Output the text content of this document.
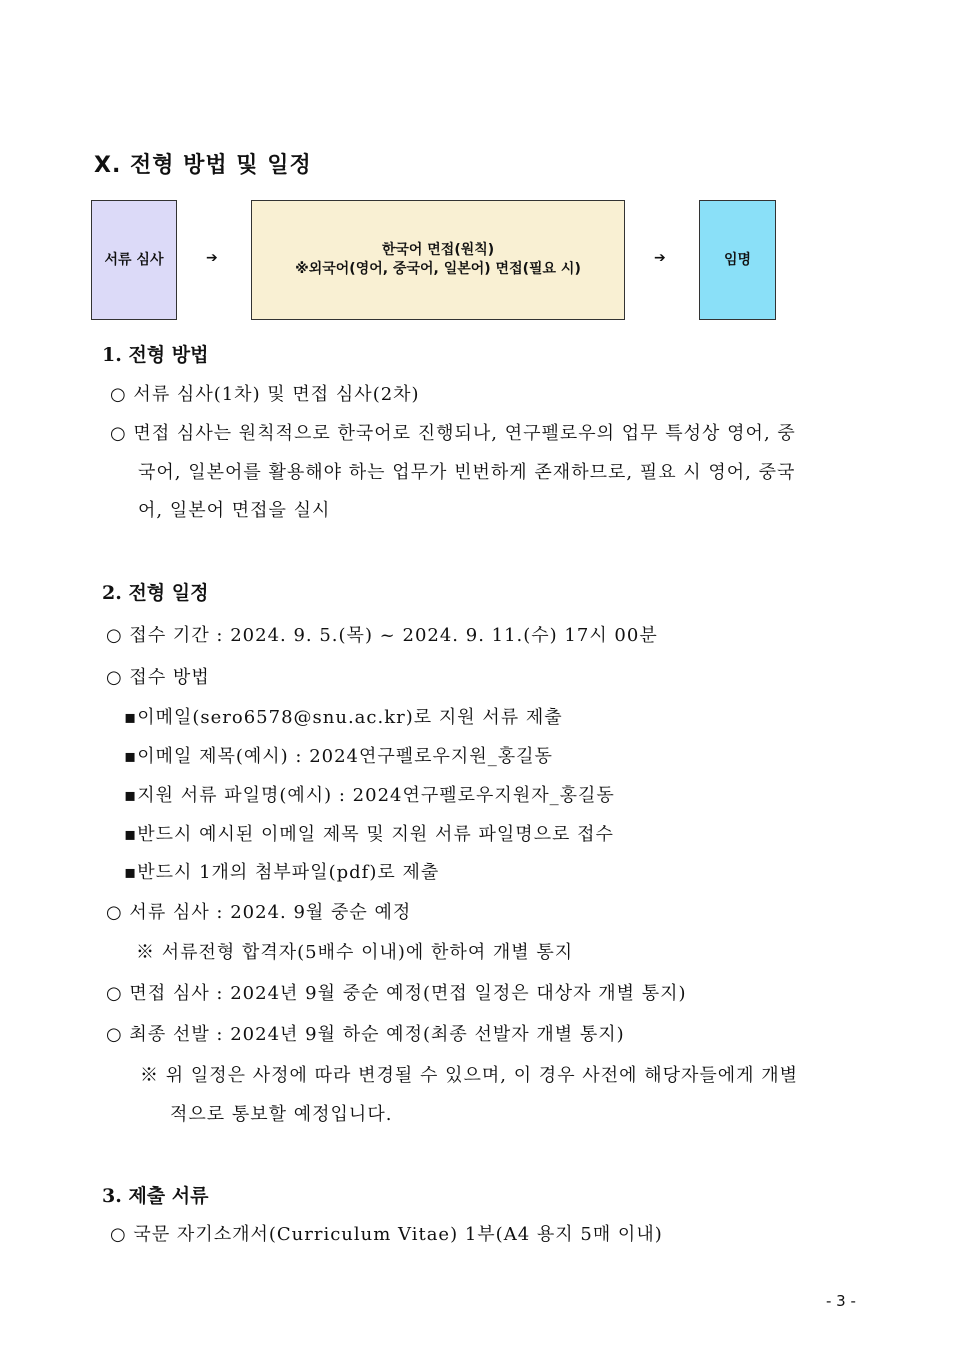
X. 전형 방법 및 일정
서류 심사	➔	한국어 면접(원칙)
※외국어(영어, 중국어, 일본어) 면접(필요 시)
➔	임명
1. 전형 방법
○ 서류 심사(1차) 및 면접 심사(2차)
○ 면접 심사는 원칙적으로 한국어로 진행되나, 연구펠로우의 업무 특성상 영어, 중
국어, 일본어를 활용해야 하는 업무가 빈번하게 존재하므로, 필요 시 영어, 중국
어, 일본어 면접을 실시
2. 전형 일정
○ 접수 기간 : 2024. 9. 5.(목) ~ 2024. 9. 11.(수) 17시 00분
○ 접수 방법
▪이메일(sero6578@snu.ac.kr)로 지원 서류 제출
▪이메일 제목(예시) : 2024연구펠로우지원_홍길동
▪지원 서류 파일명(예시) : 2024연구펠로우지원자_홍길동
▪반드시 예시된 이메일 제목 및 지원 서류 파일명으로 접수
▪반드시 1개의 첨부파일(pdf)로 제출
○ 서류 심사 : 2024. 9월 중순 예정
※ 서류전형 합격자(5배수 이내)에 한하여 개별 통지
○ 면접 심사 : 2024년 9월 중순 예정(면접 일정은 대상자 개별 통지)
○ 최종 선발 : 2024년 9월 하순 예정(최종 선발자 개별 통지)
※ 위 일정은 사정에 따라 변경될 수 있으며, 이 경우 사전에 해당자들에게 개별
적으로 통보할 예정입니다.
3. 제출 서류
○ 국문 자기소개서(Curriculum Vitae) 1부(A4 용지 5매 이내)
- 3 -
